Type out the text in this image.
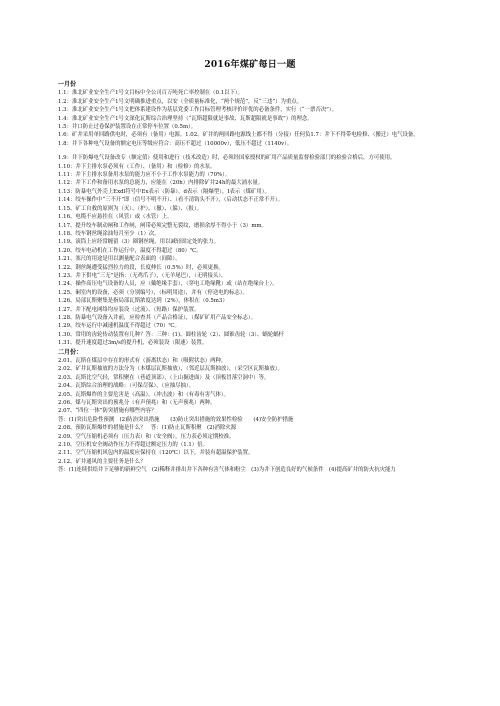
2016年煤矿每日一题
一月份
1.1：淮北矿业安全生产1号文目标中全公司百万吨死亡率控制在（0.1以下）。
1.2：淮北矿业安全生产1号文明确推进重点，以安（全质量标准化，“两个规范”，反“三违”）为重点。
1.3：淮北矿业安全生产1号文把体系建设作为基层党委工作目标管理考核评价评优的必备条件，实行（“一票否决”）。
1.4：淮北矿业安全生产1号文深化瓦斯综合治理坚持（“瓦斯超限就是事故、瓦斯超限就是事故”）的理念。
1.5：井口防止过卷保护装置设在正常停车位置（0.5m）。
1.6：矿井采用单回路供电时，必须有（备用）电源。1.02、矿井的两回路电源线上都不得（分接）任何负1.7：井下不得带电检修、（搬迁）电气设备。
1.8：井下各种电气设备的额定电压等级应符合：高压不超过（10000v），低压不超过（1140v）。
1.9：井下防爆电气设备改专（额定值）使用和进行（技术改造）时，必须经国家授权的矿用产品质量监督检验部门的检验合格后，方可使用。
1.10：井下主排水泵必须有（工作）、（备用）和（检修）的水泵。
1.11：井下主排水泵备用水泵的能力应不小于工作水泵能力的（70%）。
1.12：井下工作和备用水泵的总能力，应能在（20h）内排除矿井24h的最大涌水量。
1.13：防暴电气外壳上Exdl符号中Ex表示（防暴），d表示（隔爆型），I表示（煤矿用）。
1.14：绞车操作中“三不开”即（信号不明不开）、（看不清钩头不开），（启动状态不正常不开）。
1.15、矿工自救的原则为（灭）、（护）、（撤）、（躲）、（报）。
1.16、电缆不应悬挂在（风管）或（水管）上。
1.17、提升绞车制动闸和工作闸，闸带必须完整无裂纹，磨损余厚不得小于（3）mm。
1.18、绞车钢丝绳涂油每月至少（1）次。
1.19、滚筒上应经常缠留（3）圈钢丝绳，用以减轻固定处的张力。
1.20、绞车电动机在工作运行中，温度不得超过（80）℃。
1.21、塞尺的用途是用以测量配合表面的（间隙）。
1.22、钢丝绳遭受猛烈拉力的段，长度伸长（0.5%）时，必须更换。
1.23、井下供电“三无”是指：（无鸡爪子），（无羊尾巴），（无明接头）。
1.24、操作高压电气设备的人员，应（戴绝缘手套），（穿电工绝缘靴）或（站在绝缘台上）。
1.25、硐室内的设备，必须（分别编号），（标明用途），并有（停送电的标志）。
1.26、局部瓦斯聚集是指局部瓦斯浓度达到（2%），体积在（0.5m3）
1.27、井下配电网络均应装设（过流）、（短路）保护装置。
1.28、防暴电气设备入井前，应检查其（产品合格证），（煤矿矿用产品安全标志）。
1.29、绞车运行中减速机温度不得超过（70）℃。
1.30、常用的齿轮传动装置有几种？答：三种：(1)、圆柱齿轮（2）、圆锥齿轮（3）、蜗轮蜗杆
1.31、提升速度超过3m/s的提升机，必须装设（限速）装置。
二月份：
2.01、瓦斯在煤层中存在的形式有（游离状态）和（吸附状态）两种。
2.02、矿井瓦斯抽放的方法分为（本煤层瓦斯抽放），（邻近层瓦斯抽放），（采空区瓦斯抽放）。
2.03、瓦斯比空气轻，常积聚在（巷道顶部），（上山掘进面）及（顶板冒落空洞中）等。
2.04、瓦斯综合治理的战略：（可保尽保），（应抽尽抽）。
2.05、瓦斯爆炸的主要危害是（高温），（冲击波）和（有毒有害气体）。
2.06、煤与瓦斯突出的预兆分（有声预兆）和（无声预兆）两种。
2.07、“四位一体”防突措施有哪些内容？
答：(1)突出危险性预测　(2)防治突出措施　　(3)防止突出措施的效果性检验　　(4)安全防护措施
2.08、预防瓦斯爆炸的措施是什么？　答：(1)防止瓦斯积聚　(2)消除火源
2.09、空气压缩机必须有（压力表）和（安全阀），压力表必须定期校准。
2.10、空压机安全阀动作压力不得超过额定压力的（1.1）倍。
2.11、空气压缩机风包内的温度应保持在（120℃）以下，并装有超温保护装置。
2.12、矿井通风的主要任务是什么？
答：(1)连续供给井下足够的新鲜空气　(2)稀释并排出井下各种有害气体和粉尘　(3)为井下创造良好的气候条件　(4)提高矿井的防火抗灾能力
